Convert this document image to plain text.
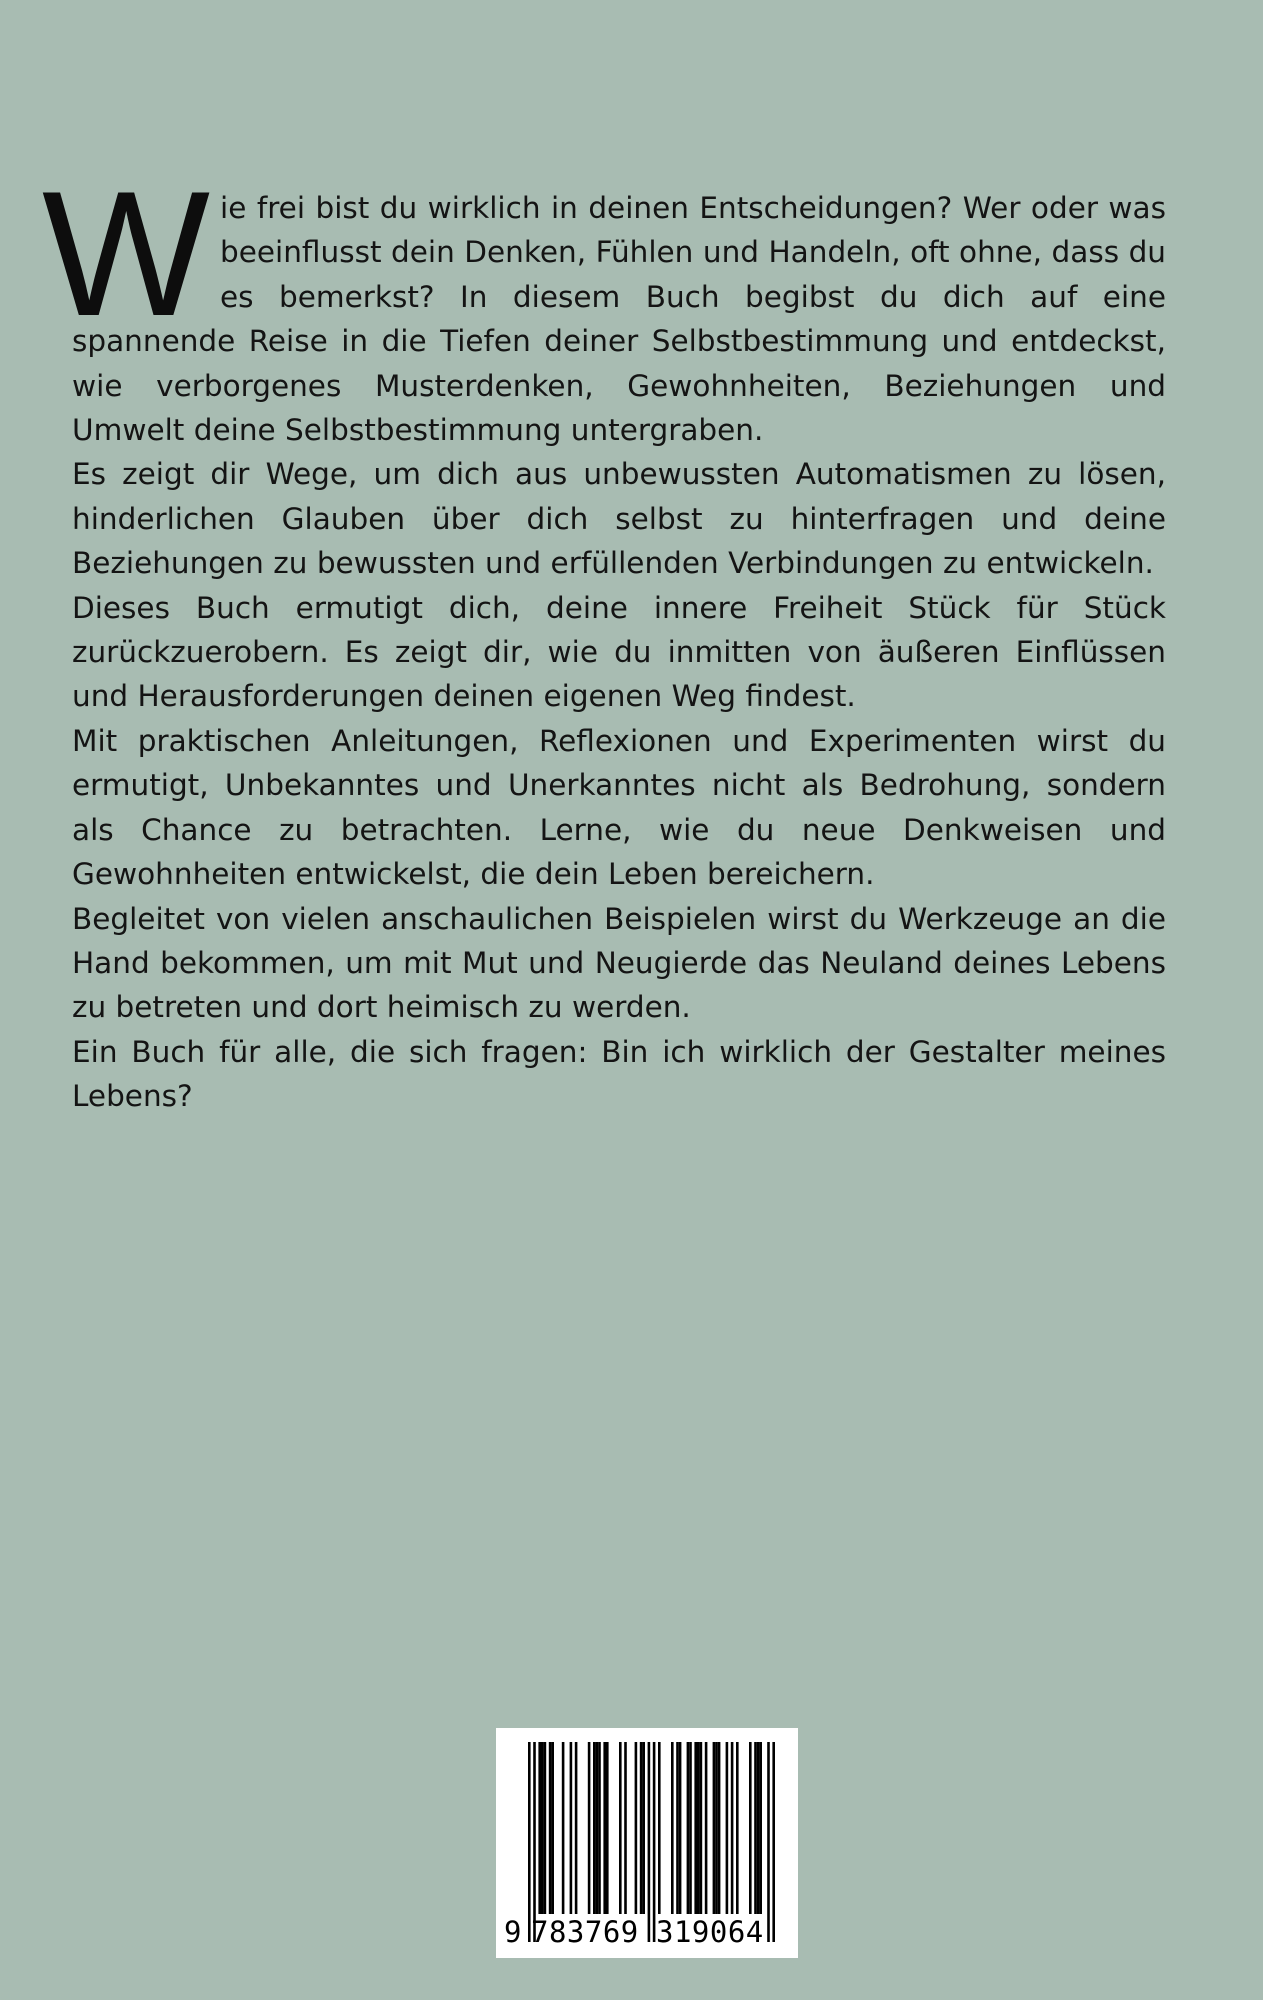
Wie frei bist du wirklich in deinen Entscheidungen? Wer oder was beeinflusst dein Denken, Fühlen und Handeln, oft ohne, dass du es bemerkst? In diesem Buch begibst du dich auf eine spannende Reise in die Tiefen deiner Selbstbestimmung und entdeckst, wie verborgenes Musterdenken, Gewohnheiten, Beziehungen und Umwelt deine Selbstbestimmung untergraben.

Es zeigt dir Wege, um dich aus unbewussten Automatismen zu lösen, hinderlichen Glauben über dich selbst zu hinterfragen und deine Beziehungen zu bewussten und erfüllenden Verbindungen zu entwickeln.

Dieses Buch ermutigt dich, deine innere Freiheit Stück für Stück zurückzuerobern. Es zeigt dir, wie du inmitten von äußeren Einflüssen und Herausforderungen deinen eigenen Weg findest.

Mit praktischen Anleitungen, Reflexionen und Experimenten wirst du ermutigt, Unbekanntes und Unerkanntes nicht als Bedrohung, sondern als Chance zu betrachten. Lerne, wie du neue Denkweisen und Gewohnheiten entwickelst, die dein Leben bereichern.

Begleitet von vielen anschaulichen Beispielen wirst du Werkzeuge an die Hand bekommen, um mit Mut und Neugierde das Neuland deines Lebens zu betreten und dort heimisch zu werden.

Ein Buch für alle, die sich fragen: Bin ich wirklich der Gestalter meines Lebens?

9 783769 319064
